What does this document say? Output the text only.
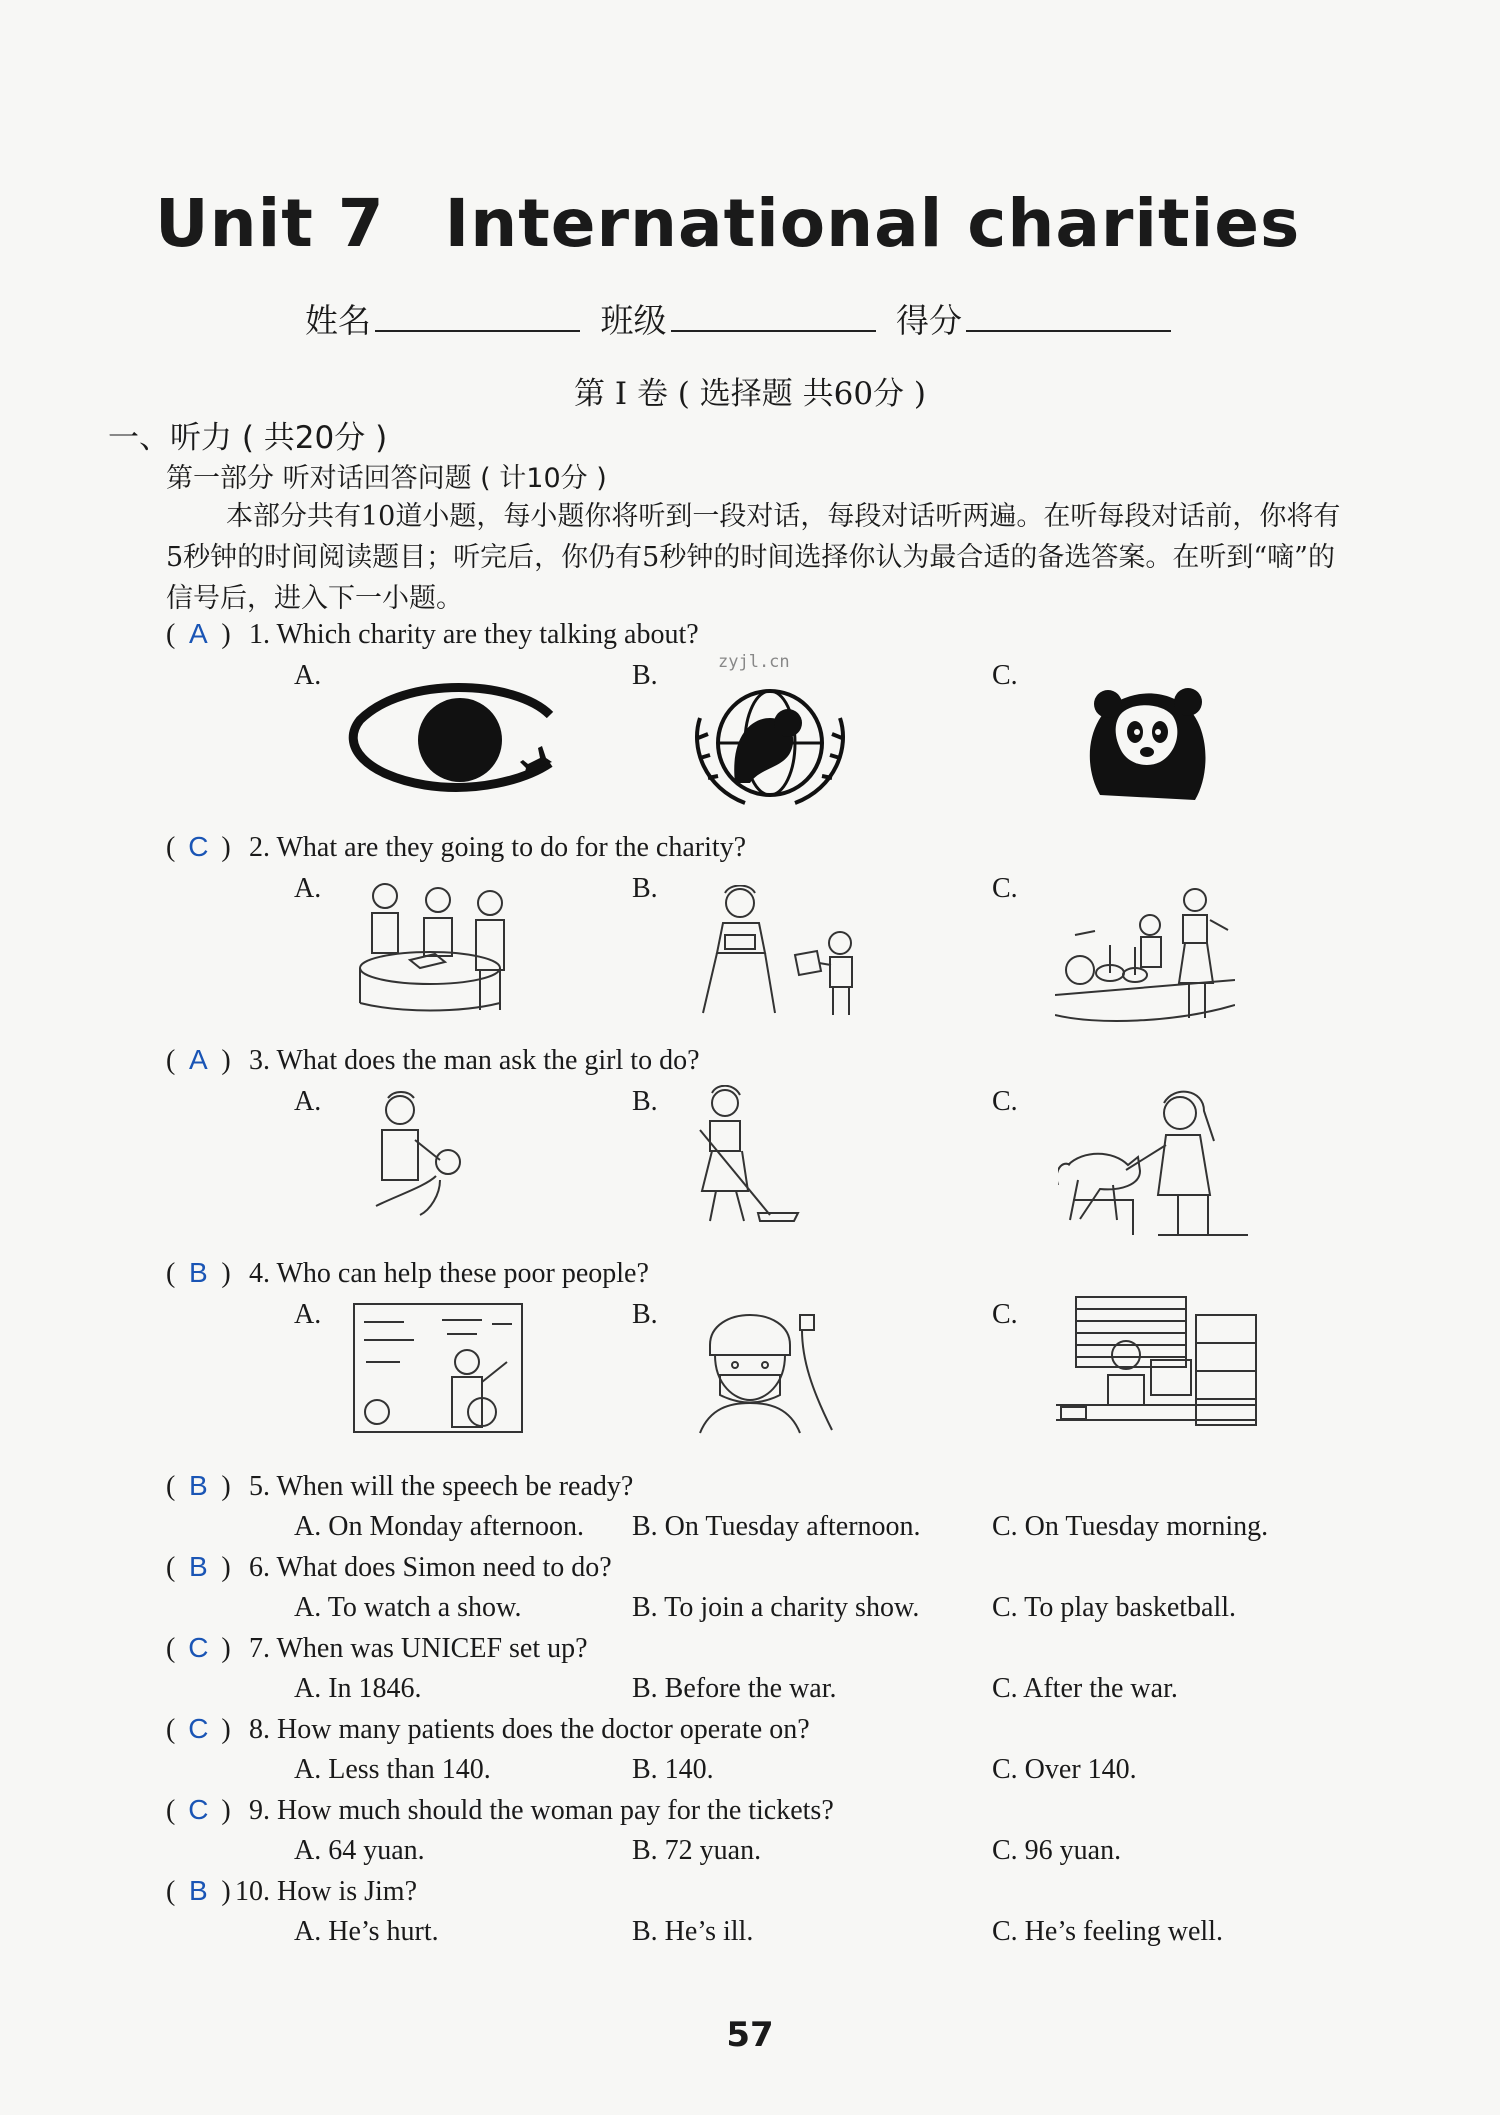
Unit 7 International charities
姓名	班级	得分
第 I 卷 ( 选择题 共60分 )
一、听力 ( 共20分 )
第一部分 听对话回答问题 ( 计10分 )
本部分共有10道小题，每小题你将听到一段对话，每段对话听两遍。在听每段对话前，你将有5秒钟的时间阅读题目；听完后，你仍有5秒钟的时间选择你认为最合适的备选答案。在听到“嘀”的信号后，进入下一小题。
( A ) 1. Which charity are they talking about?
A.	B.	C.
zyjl.cn
( C ) 2. What are they going to do for the charity?
A.	B.	C.
( A ) 3. What does the man ask the girl to do?
A.	B.	C.
( B ) 4. Who can help these poor people?
A.	B.	C.
( B ) 5. When will the speech be ready?
A. On Monday afternoon. B. On Tuesday afternoon.	C. On Tuesday morning.
( B ) 6. What does Simon need to do?
A. To watch a show.	B. To join a charity show.	C. To play basketball.
( C ) 7. When was UNICEF set up?
A. In 1846.	B. Before the war.	C. After the war.
( C ) 8. How many patients does the doctor operate on?
A. Less than 140.	B. 140.	C. Over 140.
( C ) 9. How much should the woman pay for the tickets?
A. 64 yuan.	B. 72 yuan.	C. 96 yuan.
( B ) 10. How is Jim?
A. He’s hurt.	B. He’s ill.	C. He’s feeling well.
57
